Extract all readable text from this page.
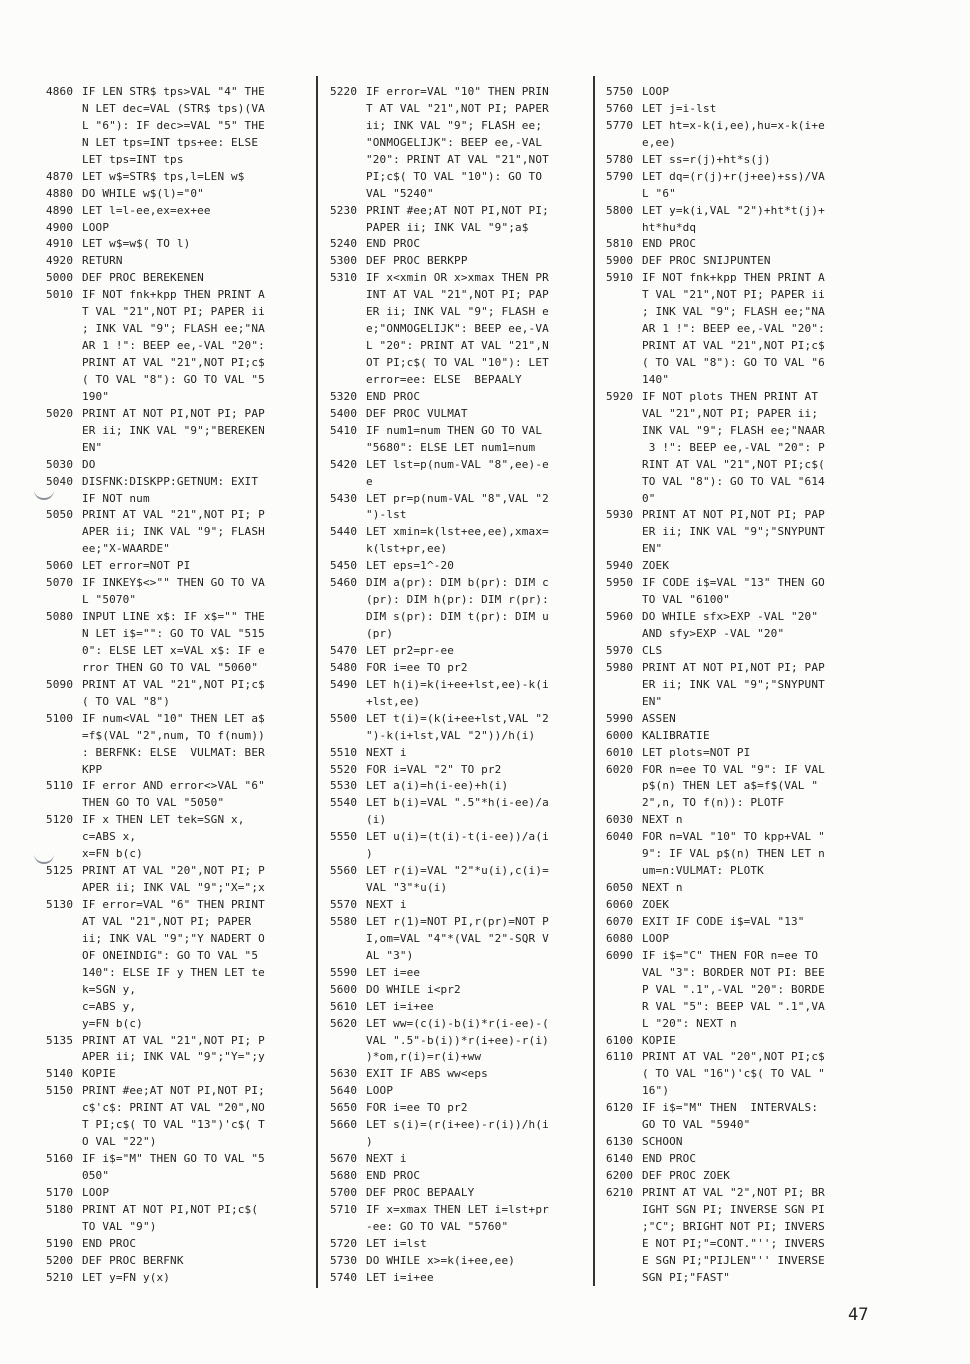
4860 IF LEN STR$ tps>VAL "4" THE
N LET dec=VAL (STR$ tps)(VA
L "6"): IF dec>=VAL "5" THE
N LET tps=INT tps+ee: ELSE
LET tps=INT tps
4870 LET w$=STR$ tps,l=LEN w$
4880 DO WHILE w$(l)="0"
4890 LET l=l-ee,ex=ex+ee
4900 LOOP
4910 LET w$=w$( TO l)
4920 RETURN
5000 DEF PROC BEREKENEN
5010 IF NOT fnk+kpp THEN PRINT A
T VAL "21",NOT PI; PAPER ii
; INK VAL "9"; FLASH ee;"NA
AR 1 !": BEEP ee,-VAL "20":
PRINT AT VAL "21",NOT PI;c$
( TO VAL "8"): GO TO VAL "5
190"
5020 PRINT AT NOT PI,NOT PI; PAP
ER ii; INK VAL "9";"BEREKEN
EN"
5030 DO
5040 DISFNK:DISKPP:GETNUM: EXIT
IF NOT num
5050 PRINT AT VAL "21",NOT PI; P
APER ii; INK VAL "9"; FLASH
ee;"X-WAARDE"
5060 LET error=NOT PI
5070 IF INKEY$<>"" THEN GO TO VA
L "5070"
5080 INPUT LINE x$: IF x$="" THE
N LET i$="": GO TO VAL "515
0": ELSE LET x=VAL x$: IF e
rror THEN GO TO VAL "5060"
5090 PRINT AT VAL "21",NOT PI;c$
( TO VAL "8")
5100 IF num<VAL "10" THEN LET a$
=f$(VAL "2",num, TO f(num))
: BERFNK: ELSE  VULMAT: BER
KPP
5110 IF error AND error<>VAL "6"
THEN GO TO VAL "5050"
5120 IF x THEN LET tek=SGN x,
c=ABS x,
x=FN b(c)
5125 PRINT AT VAL "20",NOT PI; P
APER ii; INK VAL "9";"X=";x
5130 IF error=VAL "6" THEN PRINT
AT VAL "21",NOT PI; PAPER
ii; INK VAL "9";"Y NADERT O
OF ONEINDIG": GO TO VAL "5
140": ELSE IF y THEN LET te
k=SGN y,
c=ABS y,
y=FN b(c)
5135 PRINT AT VAL "21",NOT PI; P
APER ii; INK VAL "9";"Y=";y
5140 KOPIE
5150 PRINT #ee;AT NOT PI,NOT PI;
c$'c$: PRINT AT VAL "20",NO
T PI;c$( TO VAL "13")'c$( T
O VAL "22")
5160 IF i$="M" THEN GO TO VAL "5
050"
5170 LOOP
5180 PRINT AT NOT PI,NOT PI;c$(
TO VAL "9")
5190 END PROC
5200 DEF PROC BERFNK
5210 LET y=FN y(x)
5220 IF error=VAL "10" THEN PRIN
T AT VAL "21",NOT PI; PAPER
ii; INK VAL "9"; FLASH ee;
"ONMOGELIJK": BEEP ee,-VAL
"20": PRINT AT VAL "21",NOT
PI;c$( TO VAL "10"): GO TO
VAL "5240"
5230 PRINT #ee;AT NOT PI,NOT PI;
PAPER ii; INK VAL "9";a$
5240 END PROC
5300 DEF PROC BERKPP
5310 IF x<xmin OR x>xmax THEN PR
INT AT VAL "21",NOT PI; PAP
ER ii; INK VAL "9"; FLASH e
e;"ONMOGELIJK": BEEP ee,-VA
L "20": PRINT AT VAL "21",N
OT PI;c$( TO VAL "10"): LET
error=ee: ELSE  BEPAALY
5320 END PROC
5400 DEF PROC VULMAT
5410 IF num1=num THEN GO TO VAL
"5680": ELSE LET num1=num
5420 LET lst=p(num-VAL "8",ee)-e
e
5430 LET pr=p(num-VAL "8",VAL "2
")-lst
5440 LET xmin=k(lst+ee,ee),xmax=
k(lst+pr,ee)
5450 LET eps=1^-20
5460 DIM a(pr): DIM b(pr): DIM c
(pr): DIM h(pr): DIM r(pr):
DIM s(pr): DIM t(pr): DIM u
(pr)
5470 LET pr2=pr-ee
5480 FOR i=ee TO pr2
5490 LET h(i)=k(i+ee+lst,ee)-k(i
+lst,ee)
5500 LET t(i)=(k(i+ee+lst,VAL "2
")-k(i+lst,VAL "2"))/h(i)
5510 NEXT i
5520 FOR i=VAL "2" TO pr2
5530 LET a(i)=h(i-ee)+h(i)
5540 LET b(i)=VAL ".5"*h(i-ee)/a
(i)
5550 LET u(i)=(t(i)-t(i-ee))/a(i
)
5560 LET r(i)=VAL "2"*u(i),c(i)=
VAL "3"*u(i)
5570 NEXT i
5580 LET r(1)=NOT PI,r(pr)=NOT P
I,om=VAL "4"*(VAL "2"-SQR V
AL "3")
5590 LET i=ee
5600 DO WHILE i<pr2
5610 LET i=i+ee
5620 LET ww=(c(i)-b(i)*r(i-ee)-(
VAL ".5"-b(i))*r(i+ee)-r(i)
)*om,r(i)=r(i)+ww
5630 EXIT IF ABS ww<eps
5640 LOOP
5650 FOR i=ee TO pr2
5660 LET s(i)=(r(i+ee)-r(i))/h(i
)
5670 NEXT i
5680 END PROC
5700 DEF PROC BEPAALY
5710 IF x=xmax THEN LET i=lst+pr
-ee: GO TO VAL "5760"
5720 LET i=lst
5730 DO WHILE x>=k(i+ee,ee)
5740 LET i=i+ee
5750 LOOP
5760 LET j=i-lst
5770 LET ht=x-k(i,ee),hu=x-k(i+e
e,ee)
5780 LET ss=r(j)+ht*s(j)
5790 LET dq=(r(j)+r(j+ee)+ss)/VA
L "6"
5800 LET y=k(i,VAL "2")+ht*t(j)+
ht*hu*dq
5810 END PROC
5900 DEF PROC SNIJPUNTEN
5910 IF NOT fnk+kpp THEN PRINT A
T VAL "21",NOT PI; PAPER ii
; INK VAL "9"; FLASH ee;"NA
AR 1 !": BEEP ee,-VAL "20":
PRINT AT VAL "21",NOT PI;c$
( TO VAL "8"): GO TO VAL "6
140"
5920 IF NOT plots THEN PRINT AT
VAL "21",NOT PI; PAPER ii;
INK VAL "9"; FLASH ee;"NAAR
3 !": BEEP ee,-VAL "20": P
RINT AT VAL "21",NOT PI;c$(
TO VAL "8"): GO TO VAL "614
0"
5930 PRINT AT NOT PI,NOT PI; PAP
ER ii; INK VAL "9";"SNYPUNT
EN"
5940 ZOEK
5950 IF CODE i$=VAL "13" THEN GO
TO VAL "6100"
5960 DO WHILE sfx>EXP -VAL "20"
AND sfy>EXP -VAL "20"
5970 CLS
5980 PRINT AT NOT PI,NOT PI; PAP
ER ii; INK VAL "9";"SNYPUNT
EN"
5990 ASSEN
6000 KALIBRATIE
6010 LET plots=NOT PI
6020 FOR n=ee TO VAL "9": IF VAL
p$(n) THEN LET a$=f$(VAL "
2",n, TO f(n)): PLOTF
6030 NEXT n
6040 FOR n=VAL "10" TO kpp+VAL "
9": IF VAL p$(n) THEN LET n
um=n:VULMAT: PLOTK
6050 NEXT n
6060 ZOEK
6070 EXIT IF CODE i$=VAL "13"
6080 LOOP
6090 IF i$="C" THEN FOR n=ee TO
VAL "3": BORDER NOT PI: BEE
P VAL ".1",-VAL "20": BORDE
R VAL "5": BEEP VAL ".1",VA
L "20": NEXT n
6100 KOPIE
6110 PRINT AT VAL "20",NOT PI;c$
( TO VAL "16")'c$( TO VAL "
16")
6120 IF i$="M" THEN  INTERVALS:
GO TO VAL "5940"
6130 SCHOON
6140 END PROC
6200 DEF PROC ZOEK
6210 PRINT AT VAL "2",NOT PI; BR
IGHT SGN PI; INVERSE SGN PI
;"C"; BRIGHT NOT PI; INVERS
E NOT PI;"=CONT."''; INVERS
E SGN PI;"PIJLEN"'' INVERSE
SGN PI;"FAST"
47
